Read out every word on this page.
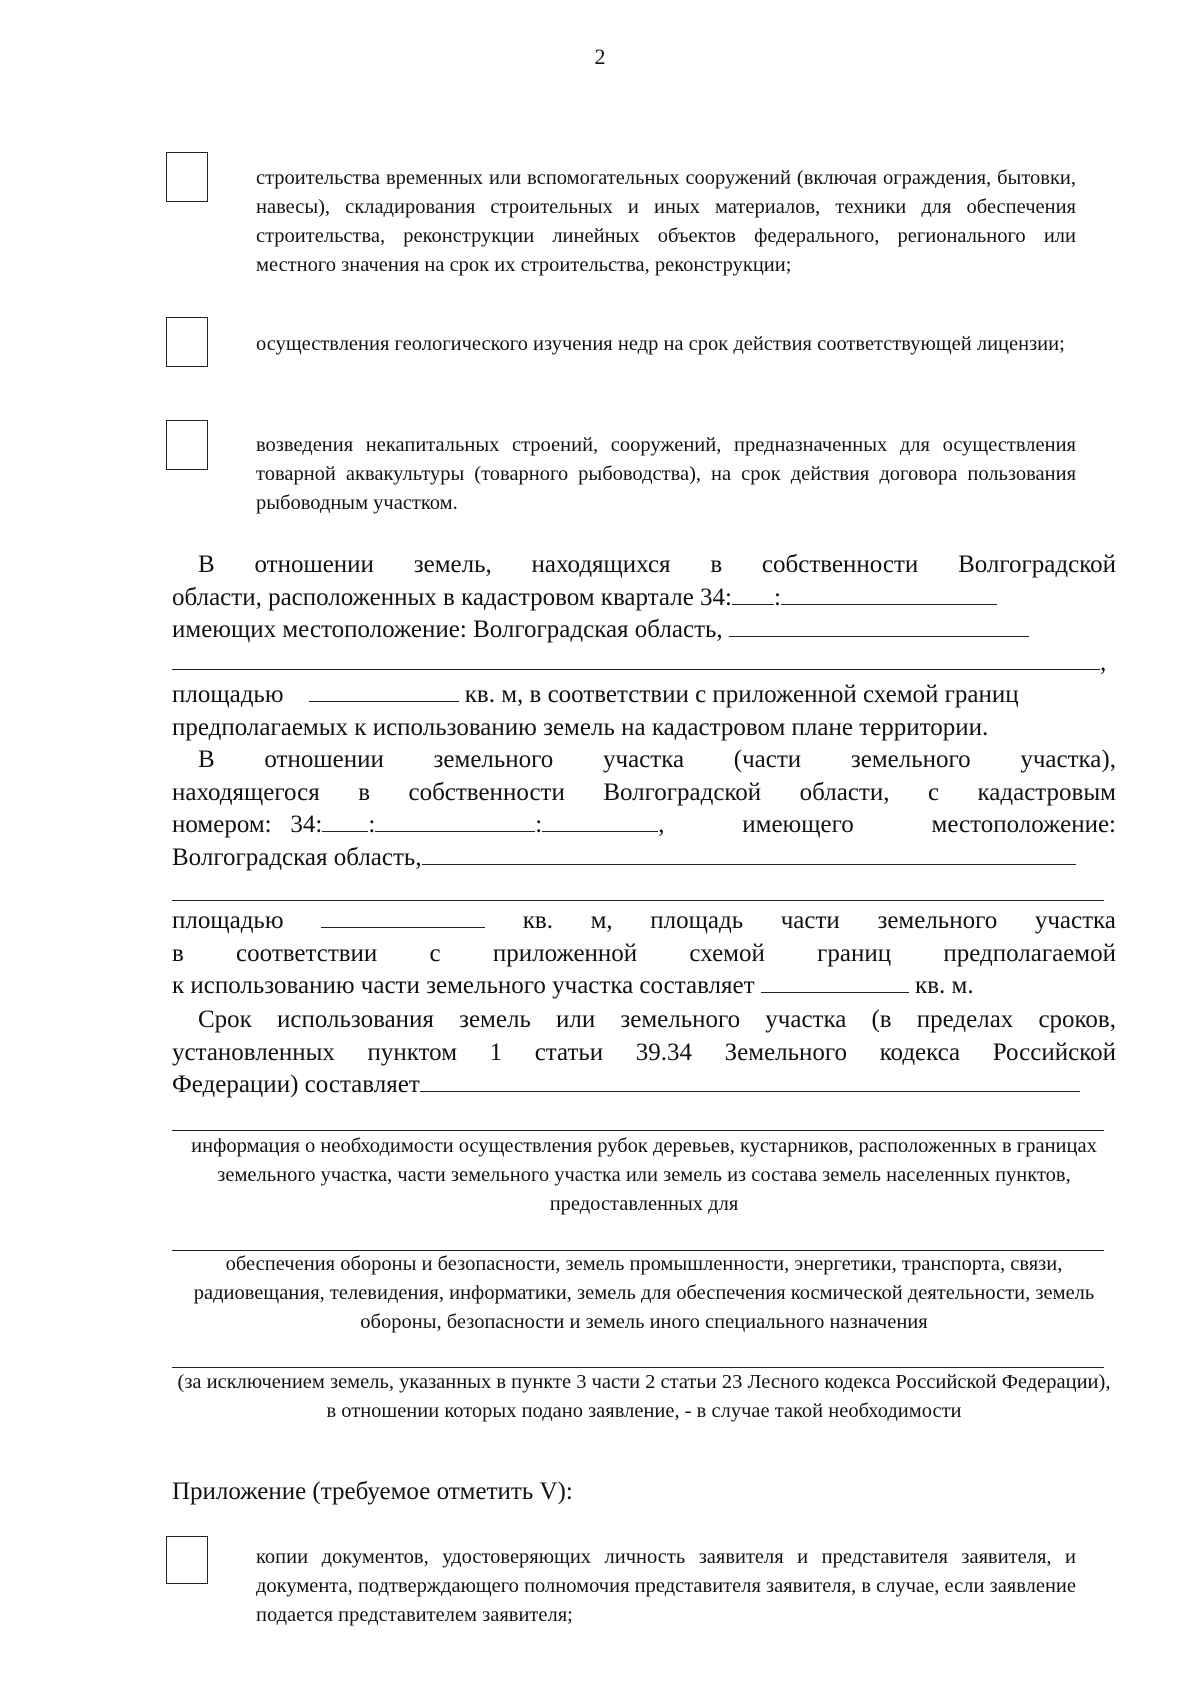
2
строительства временных или вспомогательных сооружений (включая ограждения, бытовки, навесы), складирования строительных и иных материалов, техники для обеспечения строительства, реконструкции линейных объектов федерального, регионального или местного значения на срок их строительства, реконструкции;
осуществления геологического изучения недр на срок действия соответствующей лицензии;
возведения некапитальных строений, сооружений, предназначенных для осуществления товарной аквакультуры (товарного рыбоводства), на срок действия договора пользования рыбоводным участком.
В отношении земель, находящихся в собственности Волгоградской
области, расположенных в кадастровом квартале 34: :
имеющих местоположение: Волгоградская область,
,
площадью	кв. м, в соответствии с приложенной схемой границ
предполагаемых к использованию земель на кадастровом плане территории.
В отношении земельного участка (части земельного участка),
находящегося в собственности Волгоградской области, с кадастровым
номером:   34: :	:	,	имеющего	местоположение:
Волгоградская область,
площадью	кв. м, площадь части земельного участка
в соответствии с приложенной схемой границ предполагаемой
к использованию части земельного участка составляет	кв. м.
Срок использования земель или земельного участка (в пределах сроков,
установленных пунктом 1 статьи 39.34 Земельного кодекса Российской
Федерации) составляет
информация о необходимости осуществления рубок деревьев, кустарников, расположенных в границах земельного участка, части земельного участка или земель из состава земель населенных пунктов, предоставленных для
обеспечения обороны и безопасности, земель промышленности, энергетики, транспорта, связи, радиовещания, телевидения, информатики, земель для обеспечения космической деятельности, земель обороны, безопасности и земель иного специального назначения
(за исключением земель, указанных в пункте 3 части 2 статьи 23 Лесного кодекса Российской Федерации), в отношении которых подано заявление, - в случае такой необходимости
Приложение (требуемое отметить V):
копии документов, удостоверяющих личность заявителя и представителя заявителя, и документа, подтверждающего полномочия представителя заявителя, в случае, если заявление подается представителем заявителя;
